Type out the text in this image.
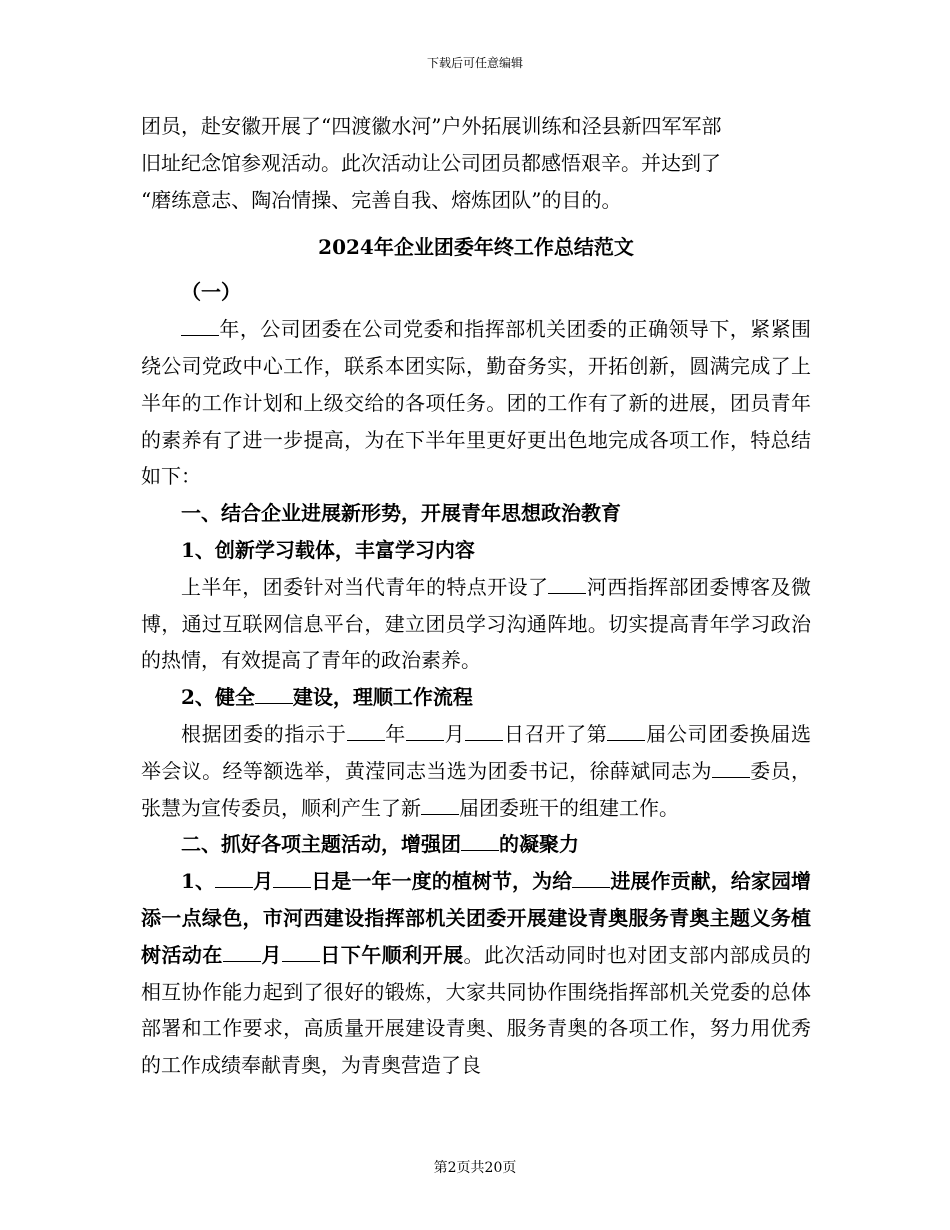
下载后可任意编辑

团员，赴安徽开展了“四渡徽水河”户外拓展训练和泾县新四军军部

旧址纪念馆参观活动。此次活动让公司团员都感悟艰辛。并达到了

“磨练意志、陶冶情操、完善自我、熔炼团队”的目的。

2024年企业团委年终工作总结范文

（一）

年，公司团委在公司党委和指挥部机关团委的正确领导下，紧紧围绕公司党政中心工作，联系本团实际，勤奋务实，开拓创新，圆满完成了上半年的工作计划和上级交给的各项任务。团的工作有了新的进展，团员青年的素养有了进一步提高，为在下半年里更好更出色地完成各项工作，特总结如下：

一、结合企业进展新形势，开展青年思想政治教育

1、创新学习载体，丰富学习内容

上半年，团委针对当代青年的特点开设了 河西指挥部团委博客及微博，通过互联网信息平台，建立团员学习沟通阵地。切实提高青年学习政治的热情，有效提高了青年的政治素养。

2、健全 建设，理顺工作流程

根据团委的指示于 年 月 日召开了第 届公司团委换届选举会议。经等额选举，黄滢同志当选为团委书记，徐薛斌同志为 委员，张慧为宣传委员，顺利产生了新 届团委班干的组建工作。

二、抓好各项主题活动，增强团 的凝聚力

1、 月 日是一年一度的植树节，为给 进展作贡献，给家园增添一点绿色，市河西建设指挥部机关团委开展建设青奥服务青奥主题义务植树活动在 月 日下午顺利开展。此次活动同时也对团支部内部成员的相互协作能力起到了很好的锻炼，大家共同协作围绕指挥部机关党委的总体部署和工作要求，高质量开展建设青奥、服务青奥的各项工作，努力用优秀的工作成绩奉献青奥，为青奥营造了良

第2页共20页
